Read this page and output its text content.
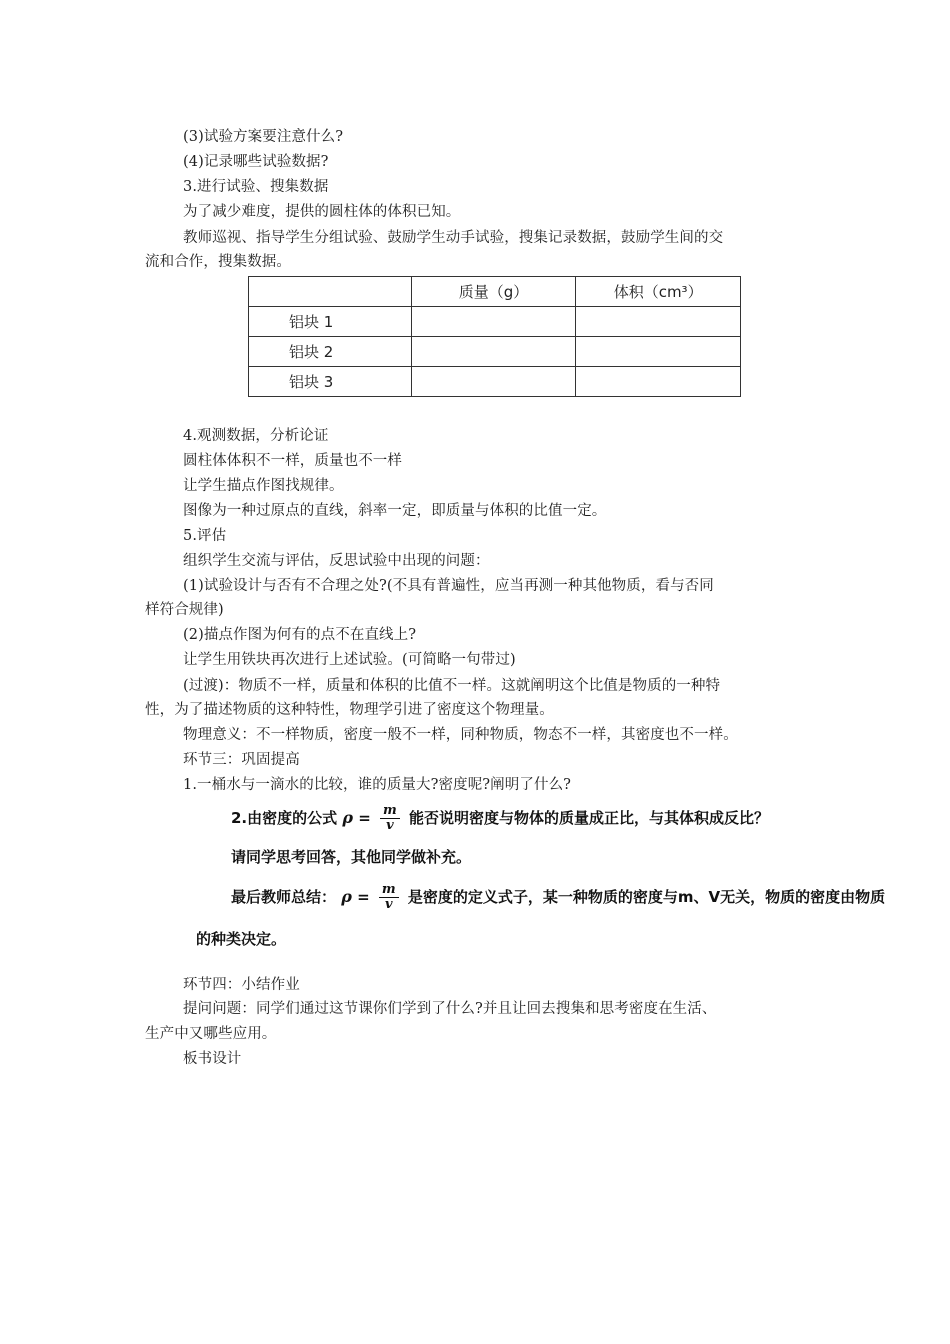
(3)试验方案要注意什么?
(4)记录哪些试验数据?
3.进行试验、搜集数据
为了减少难度，提供的圆柱体的体积已知。
教师巡视、指导学生分组试验、鼓励学生动手试验，搜集记录数据，鼓励学生间的交
流和合作，搜集数据。
	质量（g）	体积（cm³）
铝块 1		
铝块 2		
铝块 3		
4.观测数据，分析论证
圆柱体体积不一样，质量也不一样
让学生描点作图找规律。
图像为一种过原点的直线，斜率一定，即质量与体积的比值一定。
5.评估
组织学生交流与评估，反思试验中出现的问题：
(1)试验设计与否有不合理之处?(不具有普遍性，应当再测一种其他物质，看与否同
样符合规律)
(2)描点作图为何有的点不在直线上?
让学生用铁块再次进行上述试验。(可简略一句带过)
(过渡)：物质不一样，质量和体积的比值不一样。这就阐明这个比值是物质的一种特
性，为了描述物质的这种特性，物理学引进了密度这个物理量。
物理意义：不一样物质，密度一般不一样，同种物质，物态不一样，其密度也不一样。
环节三：巩固提高
1.一桶水与一滴水的比较，谁的质量大?密度呢?阐明了什么?
2.由密度的公式 $\rho = \frac{m}{v}$ 能否说明密度与物体的质量成正比，与其体积成反比？
请同学思考回答，其他同学做补充。
最后教师总结： $\rho = \frac{m}{v}$ 是密度的定义式子，某一种物质的密度与m、V无关，物质的密度由物质
的种类决定。
环节四：小结作业
提问问题：同学们通过这节课你们学到了什么?并且让回去搜集和思考密度在生活、
生产中又哪些应用。
板书设计
